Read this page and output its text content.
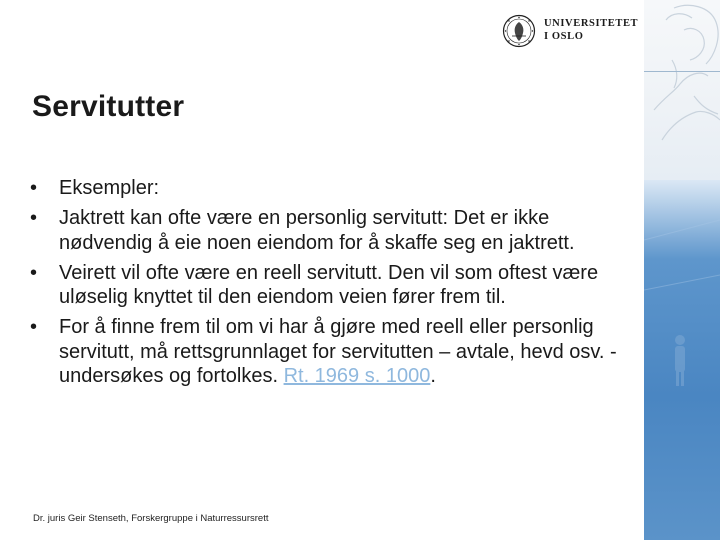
UNIVERSITETET
I OSLO
Servitutter
• Eksempler:
• Jaktrett kan ofte være en personlig servitutt: Det er ikke nødvendig å eie noen eiendom for å skaffe seg en jaktrett.
• Veirett vil ofte være en reell servitutt. Den vil som oftest være uløselig knyttet til den eiendom veien fører frem til.
• For å finne frem til om vi har å gjøre med reell eller personlig servitutt, må rettsgrunnlaget for servitutten – avtale, hevd osv. - undersøkes og fortolkes. Rt. 1969 s. 1000.
Dr. juris Geir Stenseth, Forskergruppe i Naturressursrett
